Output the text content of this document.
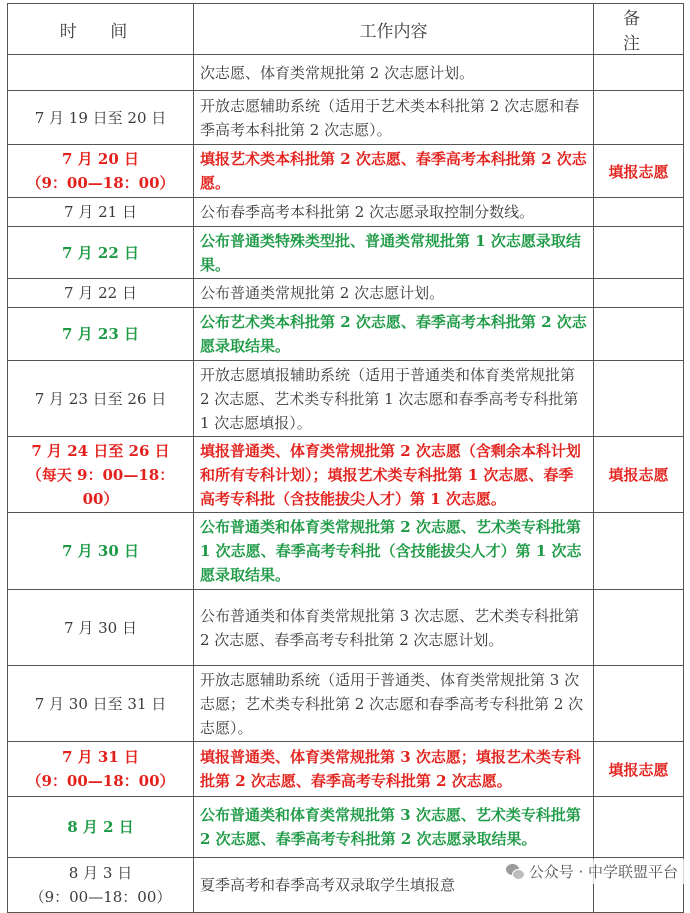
时 间	工作内容	备 注
	次志愿、体育类常规批第 2 次志愿计划。	
7 月 19 日至 20 日	开放志愿辅助系统（适用于艺术类本科批第 2 次志愿和春季高考本科批第 2 次志愿）。	

7 月 20 日
（9：00—18：00）	填报艺术类本科批第 2 次志愿、春季高考本科批第 2 次志愿。	填报志愿
7 月 21 日	公布春季高考本科批第 2 次志愿录取控制分数线。	
7 月 22 日	公布普通类特殊类型批、普通类常规批第 1 次志愿录取结果。	
7 月 22 日	公布普通类常规批第 2 次志愿计划。	
7 月 23 日	公布艺术类本科批第 2 次志愿、春季高考本科批第 2 次志愿录取结果。	
7 月 23 日至 26 日	开放志愿填报辅助系统（适用于普通类和体育类常规批第 2 次志愿、艺术类专科批第 1 次志愿和春季高考专科批第 1 次志愿填报）。	

7 月 24 日至 26 日
（每天 9：00—18：00）	填报普通类、体育类常规批第 2 次志愿（含剩余本科计划和所有专科计划）；填报艺术类专科批第 1 次志愿、春季高考专科批（含技能拔尖人才）第 1 次志愿。	填报志愿
7 月 30 日	公布普通类和体育类常规批第 2 次志愿、艺术类专科批第 1 次志愿、春季高考专科批（含技能拔尖人才）第 1 次志愿录取结果。	
7 月 30 日	公布普通类和体育类常规批第 3 次志愿、艺术类专科批第 2 次志愿、春季高考专科批第 2 次志愿计划。	
7 月 30 日至 31 日	开放志愿辅助系统（适用于普通类、体育类常规批第 3 次志愿；艺术类专科批第 2 次志愿和春季高考专科批第 2 次志愿）。	

7 月 31 日
（9：00—18：00）	填报普通类、体育类常规批第 3 次志愿；填报艺术类专科批第 2 次志愿、春季高考专科批第 2 次志愿。	填报志愿
8 月 2 日	公布普通类和体育类常规批第 3 次志愿、艺术类专科批第 2 次志愿、春季高考专科批第 2 次志愿录取结果。	

8 月 3 日
（9：00—18：00）	夏季高考和春季高考双录取学生填报意	
公众号 · 中学联盟平台
